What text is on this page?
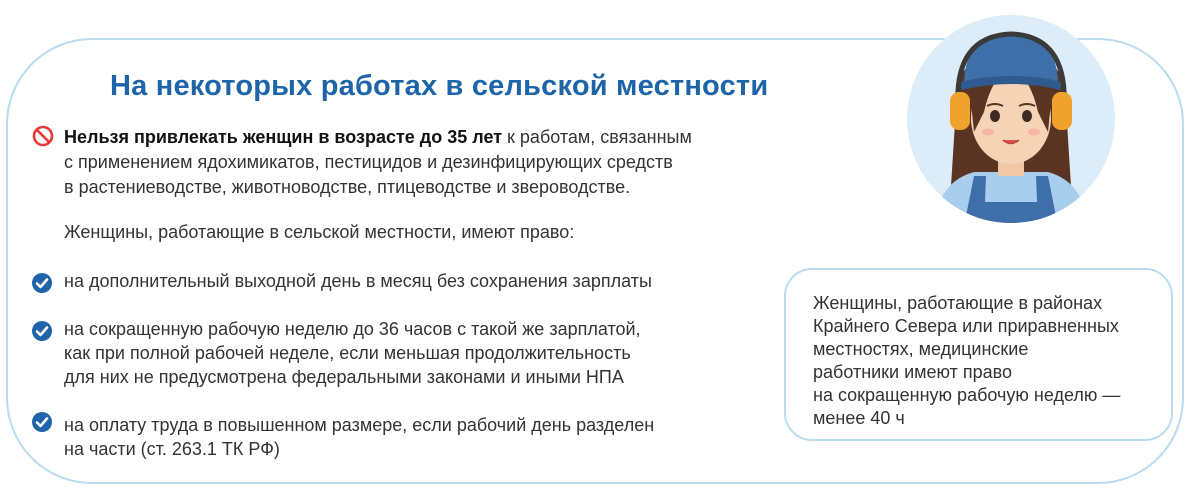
На некоторых работах в сельской местности
Нельзя привлекать женщин в возрасте до 35 лет к работам, связанным
с применением ядохимикатов, пестицидов и дезинфицирующих средств
в растениеводстве, животноводстве, птицеводстве и звероводстве.
Женщины, работающие в сельской местности, имеют право:
на дополнительный выходной день в месяц без сохранения зарплаты
на сокращенную рабочую неделю до 36 часов с такой же зарплатой,
как при полной рабочей неделе, если меньшая продолжительность
для них не предусмотрена федеральными законами и иными НПА
на оплату труда в повышенном размере, если рабочий день разделен
на части (ст. 263.1 ТК РФ)
Женщины, работающие в районах
Крайнего Севера или приравненных
местностях, медицинские
работники имеют право
на сокращенную рабочую неделю —
менее 40 ч
